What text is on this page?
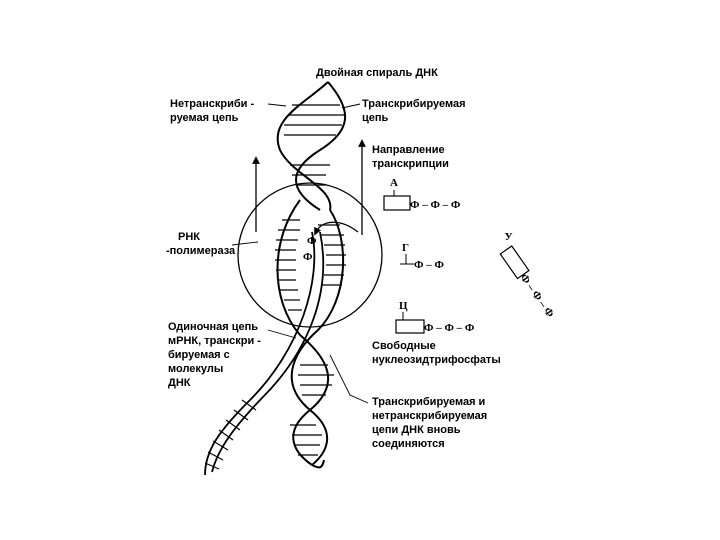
Ф
Ф
Двойная спираль ДНК
Нетранскриби - руемая цепь
Транскрибируемая цепь
Направление транскрипции
РНК -полимераза
Одиночная цепь мРНК, транскри - бируемая с молекулы ДНК
Свободные нуклеозидтрифосфаты
Транскрибируемая и нетранскрибируемая цепи ДНК вновь соединяются
А
Ф – Ф – Ф
Г
Ф – Ф
Ц
Ф – Ф – Ф
У
Ф – Ф – Ф
